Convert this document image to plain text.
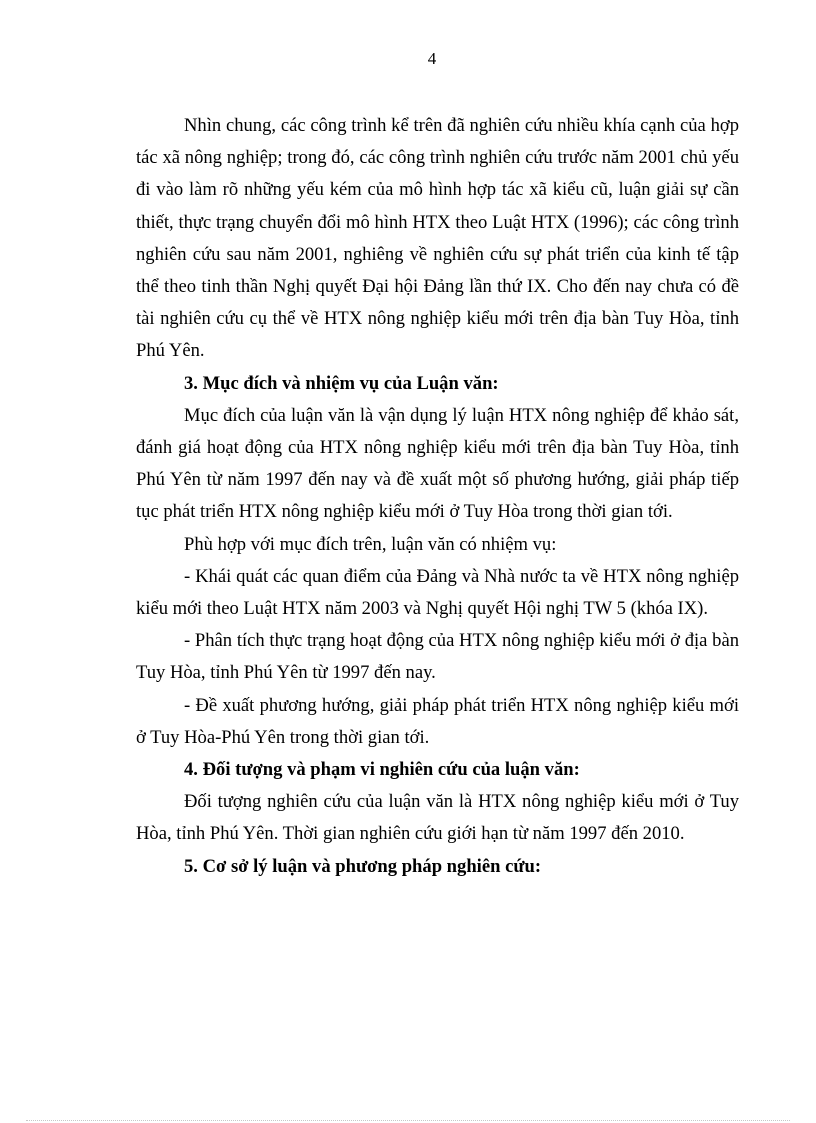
4

Nhìn chung, các công trình kể trên đã nghiên cứu nhiều khía cạnh của hợp tác xã nông nghiệp; trong đó, các công trình nghiên cứu trước năm 2001 chủ yếu đi vào làm rõ những yếu kém của mô hình hợp tác xã kiểu cũ, luận giải sự cần thiết, thực trạng chuyển đổi mô hình HTX theo Luật HTX (1996); các công trình nghiên cứu sau năm 2001, nghiêng về nghiên cứu sự phát triển của kinh tế tập thể theo tinh thần Nghị quyết Đại hội Đảng lần thứ IX. Cho đến nay chưa có đề tài nghiên cứu cụ thể về HTX nông nghiệp kiểu mới trên địa bàn Tuy Hòa, tỉnh Phú Yên.

3. Mục đích và nhiệm vụ của Luận văn:

Mục đích của luận văn là vận dụng lý luận HTX nông nghiệp để khảo sát, đánh giá hoạt động của HTX nông nghiệp kiểu mới trên địa bàn Tuy Hòa, tỉnh Phú Yên từ năm 1997 đến nay và đề xuất một số phương hướng, giải pháp tiếp tục phát triển HTX nông nghiệp kiểu mới ở Tuy Hòa trong thời gian tới.

Phù hợp với mục đích trên, luận văn có nhiệm vụ:

- Khái quát các quan điểm của Đảng và Nhà nước ta về HTX nông nghiệp kiểu mới theo Luật HTX năm 2003 và Nghị quyết Hội nghị TW 5 (khóa IX).

- Phân tích thực trạng hoạt động của HTX nông nghiệp kiểu mới ở địa bàn Tuy Hòa, tỉnh Phú Yên từ 1997 đến nay.

- Đề xuất phương hướng, giải pháp phát triển HTX nông nghiệp kiểu mới ở Tuy Hòa-Phú Yên trong thời gian tới.

4. Đối tượng và phạm vi nghiên cứu của luận văn:

Đối tượng nghiên cứu của luận văn là HTX nông nghiệp kiểu mới ở Tuy Hòa, tỉnh Phú Yên. Thời gian nghiên cứu giới hạn từ năm 1997 đến 2010.

5. Cơ sở lý luận và phương pháp nghiên cứu:
